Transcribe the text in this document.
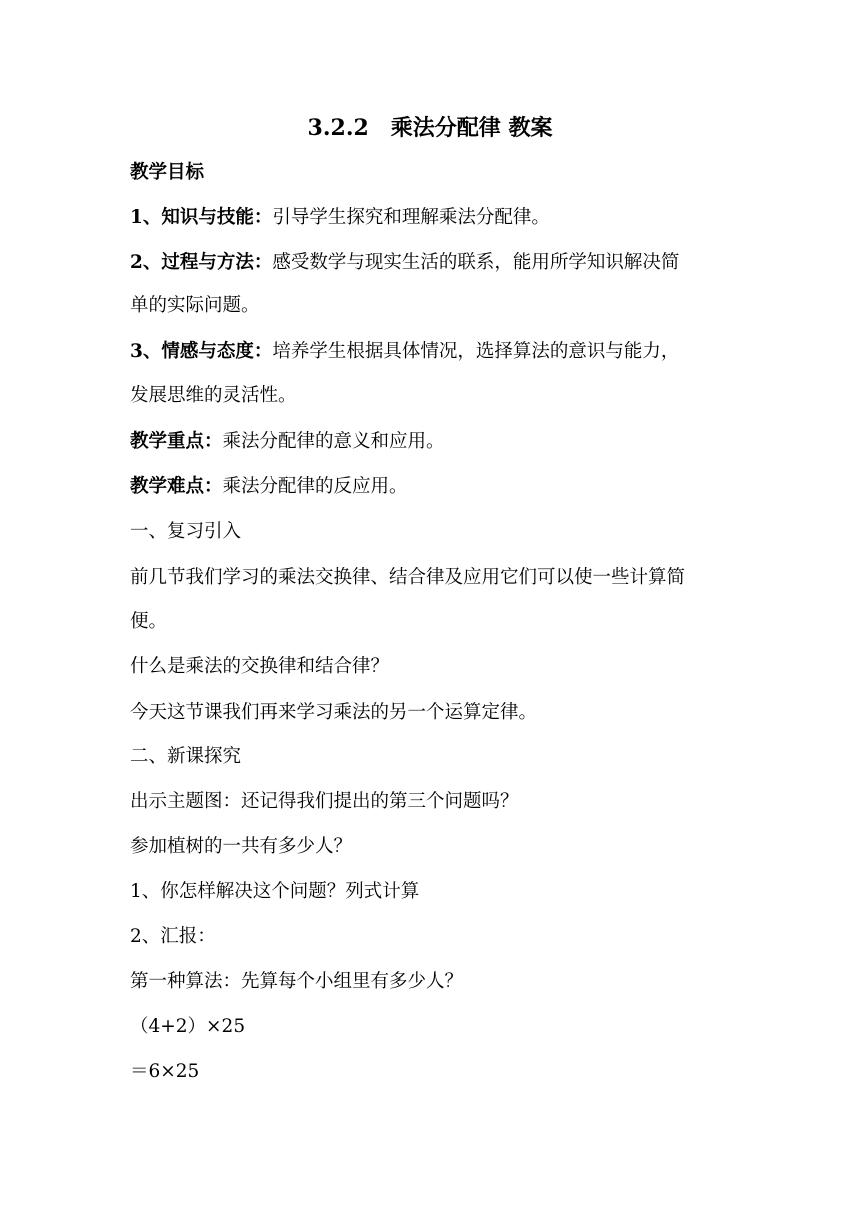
3.2.2　乘法分配律 教案
教学目标
1、知识与技能：引导学生探究和理解乘法分配律。
2、过程与方法：感受数学与现实生活的联系，能用所学知识解决简
单的实际问题。
3、情感与态度：培养学生根据具体情况，选择算法的意识与能力，
发展思维的灵活性。
教学重点：乘法分配律的意义和应用。
教学难点：乘法分配律的反应用。
一、复习引入
前几节我们学习的乘法交换律、结合律及应用它们可以使一些计算简
便。
什么是乘法的交换律和结合律？
今天这节课我们再来学习乘法的另一个运算定律。
二、新课探究
出示主题图：还记得我们提出的第三个问题吗？
参加植树的一共有多少人？
1、你怎样解决这个问题？列式计算
2、汇报：
第一种算法：先算每个小组里有多少人？
（4+2）×25
＝6×25
